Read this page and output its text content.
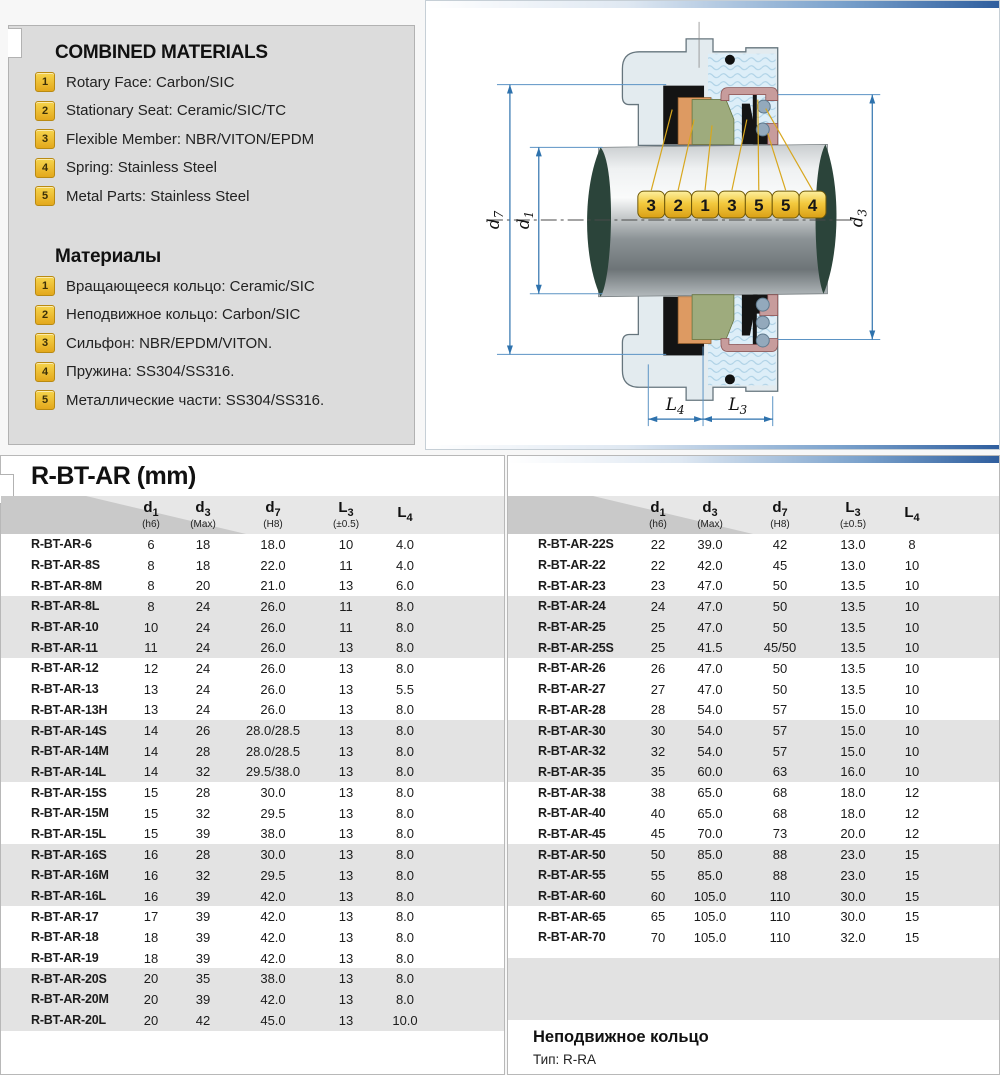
COMBINED MATERIALS
1	Rotary Face: Carbon/SIC
2	Stationary Seat: Ceramic/SIC/TC
3	Flexible Member: NBR/VITON/EPDM
4	Spring: Stainless Steel
5	Metal Parts: Stainless Steel
Материалы
1	Вращающееся кольцо: Ceramic/SIC
2	Неподвижное кольцо: Carbon/SIC
3	Сильфон: NBR/EPDM/VITON.
4	Пружина: SS304/SS316.
5	Металлические части: SS304/SS316.
$d_7$
$d_1$
$d_3$
$L_4$	$L_3$
3 2 1 3 5 5 4
R-BT-AR (mm)
$d_1$
(h6)
$d_3$
(Max)
$d_7$
(H8)
$L_3$
(±0.5)
$L_4$
R-BT-AR-6	6	18	18.0	10	4.0
R-BT-AR-8S	8	18	22.0	11	4.0
R-BT-AR-8M	8	20	21.0	13	6.0
R-BT-AR-8L	8	24	26.0	11	8.0
R-BT-AR-10	10	24	26.0	11	8.0
R-BT-AR-11	11	24	26.0	13	8.0
R-BT-AR-12	12	24	26.0	13	8.0
R-BT-AR-13	13	24	26.0	13	5.5
R-BT-AR-13H	13	24	26.0	13	8.0
R-BT-AR-14S	14	26	28.0/28.5	13	8.0
R-BT-AR-14M	14	28	28.0/28.5	13	8.0
R-BT-AR-14L	14	32	29.5/38.0	13	8.0
R-BT-AR-15S	15	28	30.0	13	8.0
R-BT-AR-15M	15	32	29.5	13	8.0
R-BT-AR-15L	15	39	38.0	13	8.0
R-BT-AR-16S	16	28	30.0	13	8.0
R-BT-AR-16M	16	32	29.5	13	8.0
R-BT-AR-16L	16	39	42.0	13	8.0
R-BT-AR-17	17	39	42.0	13	8.0
R-BT-AR-18	18	39	42.0	13	8.0
R-BT-AR-19	18	39	42.0	13	8.0
R-BT-AR-20S	20	35	38.0	13	8.0
R-BT-AR-20M	20	39	42.0	13	8.0
R-BT-AR-20L	20	42	45.0	13	10.0
$d_1$
(h6)
$d_3$
(Max)
$d_7$
(H8)
$L_3$
(±0.5)
$L_4$
R-BT-AR-22S	22	39.0	42	13.0	8
R-BT-AR-22	22	42.0	45	13.0	10
R-BT-AR-23	23	47.0	50	13.5	10
R-BT-AR-24	24	47.0	50	13.5	10
R-BT-AR-25	25	47.0	50	13.5	10
R-BT-AR-25S	25	41.5	45/50	13.5	10
R-BT-AR-26	26	47.0	50	13.5	10
R-BT-AR-27	27	47.0	50	13.5	10
R-BT-AR-28	28	54.0	57	15.0	10
R-BT-AR-30	30	54.0	57	15.0	10
R-BT-AR-32	32	54.0	57	15.0	10
R-BT-AR-35	35	60.0	63	16.0	10
R-BT-AR-38	38	65.0	68	18.0	12
R-BT-AR-40	40	65.0	68	18.0	12
R-BT-AR-45	45	70.0	73	20.0	12
R-BT-AR-50	50	85.0	88	23.0	15
R-BT-AR-55	55	85.0	88	23.0	15
R-BT-AR-60	60	105.0	110	30.0	15
R-BT-AR-65	65	105.0	110	30.0	15
R-BT-AR-70	70	105.0	110	32.0	15
Неподвижное кольцо
Тип: R-RA
